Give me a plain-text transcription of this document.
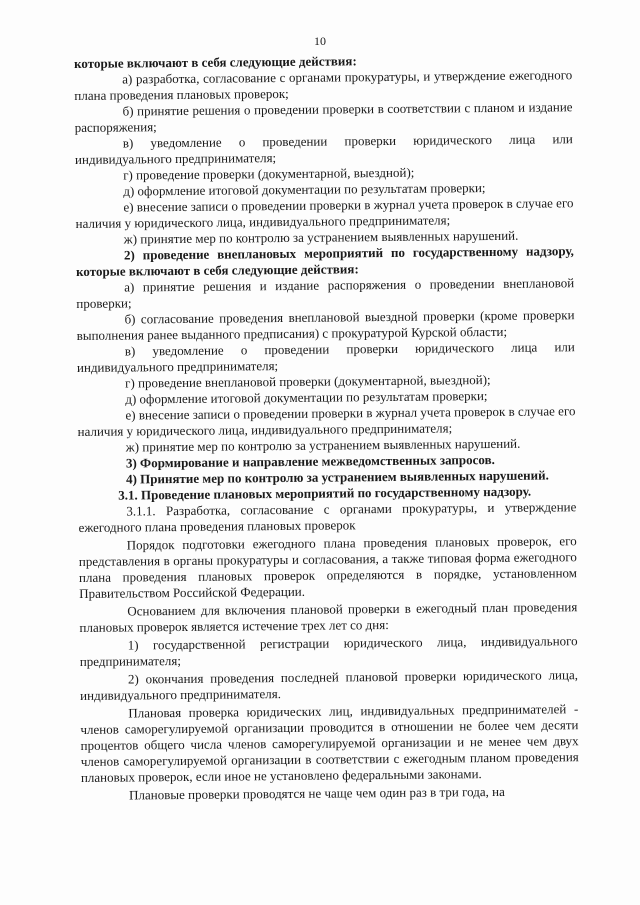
10

которые включают в себя следующие действия:

а) разработка, согласование с органами прокуратуры, и утверждение ежегодного плана проведения плановых проверок;

б) принятие решения о проведении проверки в соответствии с планом и издание распоряжения;

в) уведомление о проведении проверки юридического лица или индивидуального предпринимателя;

г) проведение проверки (документарной, выездной);

д) оформление итоговой документации по результатам проверки;

е) внесение записи о проведении проверки в журнал учета проверок в случае его наличия у юридического лица, индивидуального предпринимателя;

ж) принятие мер по контролю за устранением выявленных нарушений.

2) проведение внеплановых мероприятий по государственному надзору, которые включают в себя следующие действия:

а) принятие решения и издание распоряжения о проведении внеплановой проверки;

б) согласование проведения внеплановой выездной проверки (кроме проверки выполнения ранее выданного предписания) с прокуратурой Курской области;

в) уведомление о проведении проверки юридического лица или индивидуального предпринимателя;

г) проведение внеплановой проверки (документарной, выездной);

д) оформление итоговой документации по результатам проверки;

е) внесение записи о проведении проверки в журнал учета проверок в случае его наличия у юридического лица, индивидуального предпринимателя;

ж) принятие мер по контролю за устранением выявленных нарушений.

3) Формирование и направление межведомственных запросов.

4) Принятие мер по контролю за устранением выявленных нарушений.

3.1. Проведение плановых мероприятий по государственному надзору.

3.1.1. Разработка, согласование с органами прокуратуры, и утверждение ежегодного плана проведения плановых проверок

Порядок подготовки ежегодного плана проведения плановых проверок, его представления в органы прокуратуры и согласования, а также типовая форма ежегодного плана проведения плановых проверок определяются в порядке, установленном Правительством Российской Федерации.

Основанием для включения плановой проверки в ежегодный план проведения плановых проверок является истечение трех лет со дня:

1) государственной регистрации юридического лица, индивидуального предпринимателя;

2) окончания проведения последней плановой проверки юридического лица, индивидуального предпринимателя.

Плановая проверка юридических лиц, индивидуальных предпринимателей - членов саморегулируемой организации проводится в отношении не более чем десяти процентов общего числа членов саморегулируемой организации и не менее чем двух членов саморегулируемой организации в соответствии с ежегодным планом проведения плановых проверок, если иное не установлено федеральными законами.

Плановые проверки проводятся не чаще чем один раз в три года, на
